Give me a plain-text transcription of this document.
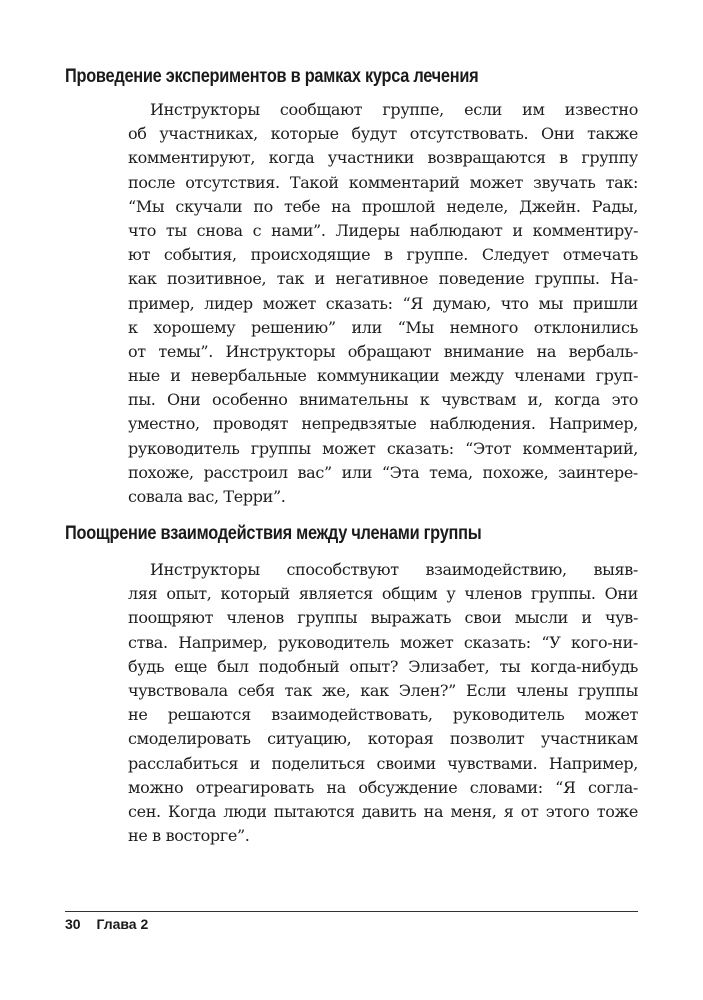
Проведение экспериментов в рамках курса лечения
Инструкторы сообщают группе, если им известно
об участниках, которые будут отсутствовать. Они также
комментируют, когда участники возвращаются в группу
после отсутствия. Такой комментарий может звучать так:
“Мы скучали по тебе на прошлой неделе, Джейн. Рады,
что ты снова с нами”. Лидеры наблюдают и комментиру-
ют события, происходящие в группе. Следует отмечать
как позитивное, так и негативное поведение группы. На-
пример, лидер может сказать: “Я думаю, что мы пришли
к хорошему решению” или “Мы немного отклонились
от темы”. Инструкторы обращают внимание на вербаль-
ные и невербальные коммуникации между членами груп-
пы. Они особенно внимательны к чувствам и, когда это
уместно, проводят непредвзятые наблюдения. Например,
руководитель группы может сказать: “Этот комментарий,
похоже, расстроил вас” или “Эта тема, похоже, заинтере-
совала вас, Терри”.
Поощрение взаимодействия между членами группы
Инструкторы способствуют взаимодействию, выяв-
ляя опыт, который является общим у членов группы. Они
поощряют членов группы выражать свои мысли и чув-
ства. Например, руководитель может сказать: “У кого-ни-
будь еще был подобный опыт? Элизабет, ты когда-нибудь
чувствовала себя так же, как Элен?” Если члены группы
не решаются взаимодействовать, руководитель может
смоделировать ситуацию, которая позволит участникам
расслабиться и поделиться своими чувствами. Например,
можно отреагировать на обсуждение словами: “Я согла-
сен. Когда люди пытаются давить на меня, я от этого тоже
не в восторге”.
30 Глава 2
